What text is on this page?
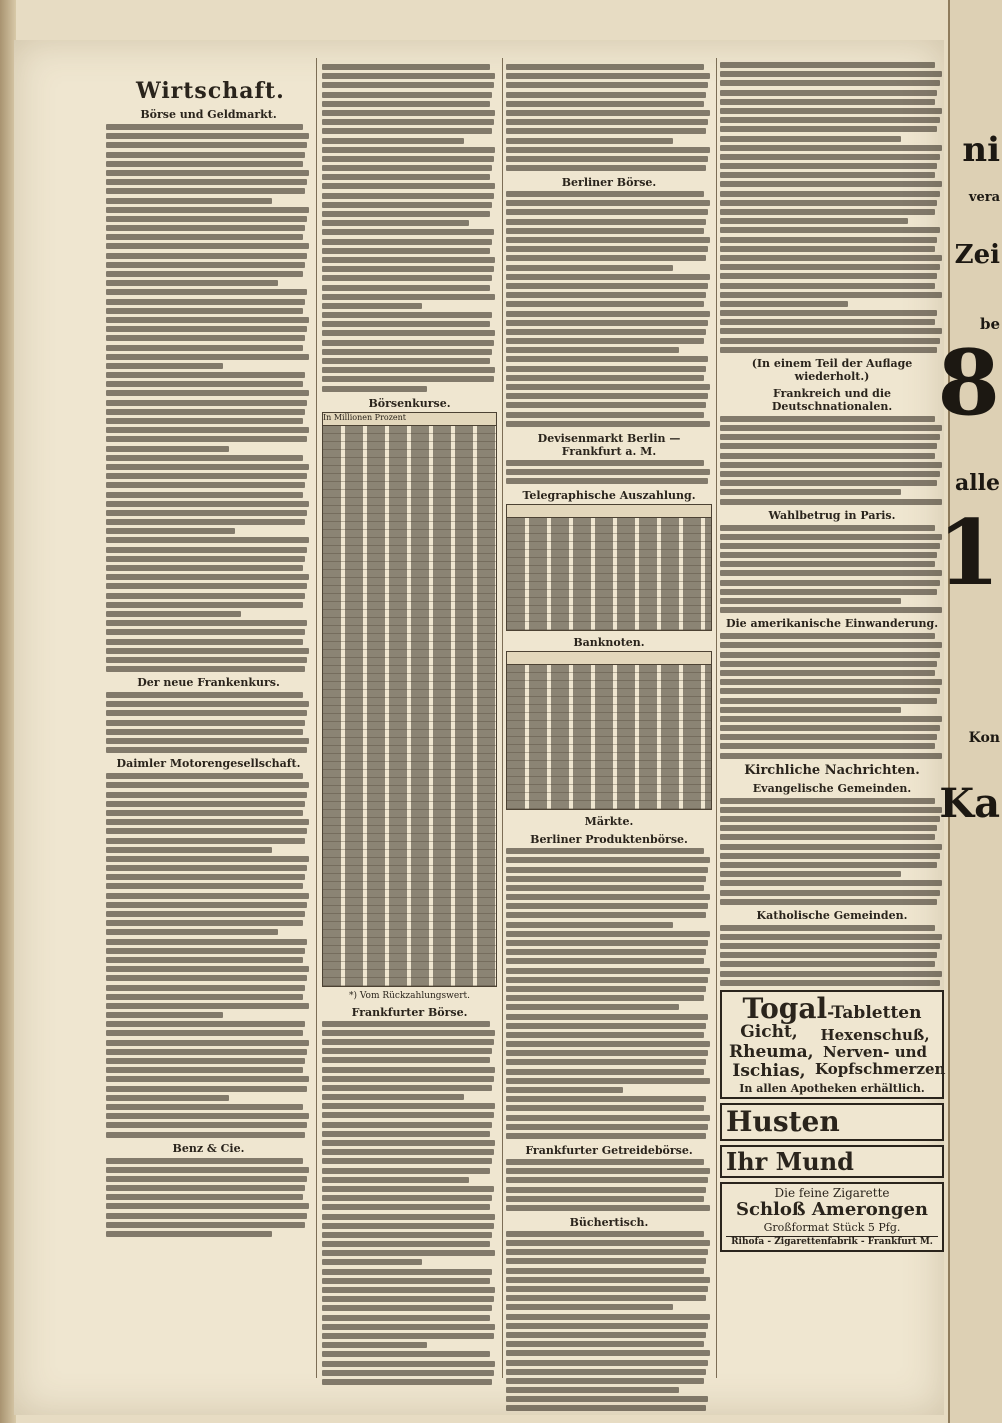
Wirtschaft.
Börse und Geldmarkt.
Der neue Frankenkurs.
Daimler Motorengesellschaft.
Benz & Cie.
Börsenkurse.
In Millionen Prozent
*) Vom Rückzahlungswert.
Frankfurter Börse.
Berliner Börse.
Devisenmarkt Berlin — Frankfurt a. M.
Telegraphische Auszahlung.
Banknoten.
Märkte.
Berliner Produktenbörse.
Frankfurter Getreidebörse.
Büchertisch.
(In einem Teil der Auflage wiederholt.)
Frankreich und die Deutschnationalen.
Wahlbetrug in Paris.
Die amerikanische Einwanderung.
Kirchliche Nachrichten.
Evangelische Gemeinden.
Katholische Gemeinden.
Togal-Tabletten
Gicht, Rheuma, Ischias,
Hexenschuß, Nerven- und Kopfschmerzen
In allen Apotheken erhältlich.
Husten
Ihr Mund
Die feine Zigarette
Schloß Amerongen
Großformat Stück 5 Pfg.
Rihofa - Zigarettenfabrik - Frankfurt M.
ni
vera
Zei
be
8
alle
1
Kon
Ka
